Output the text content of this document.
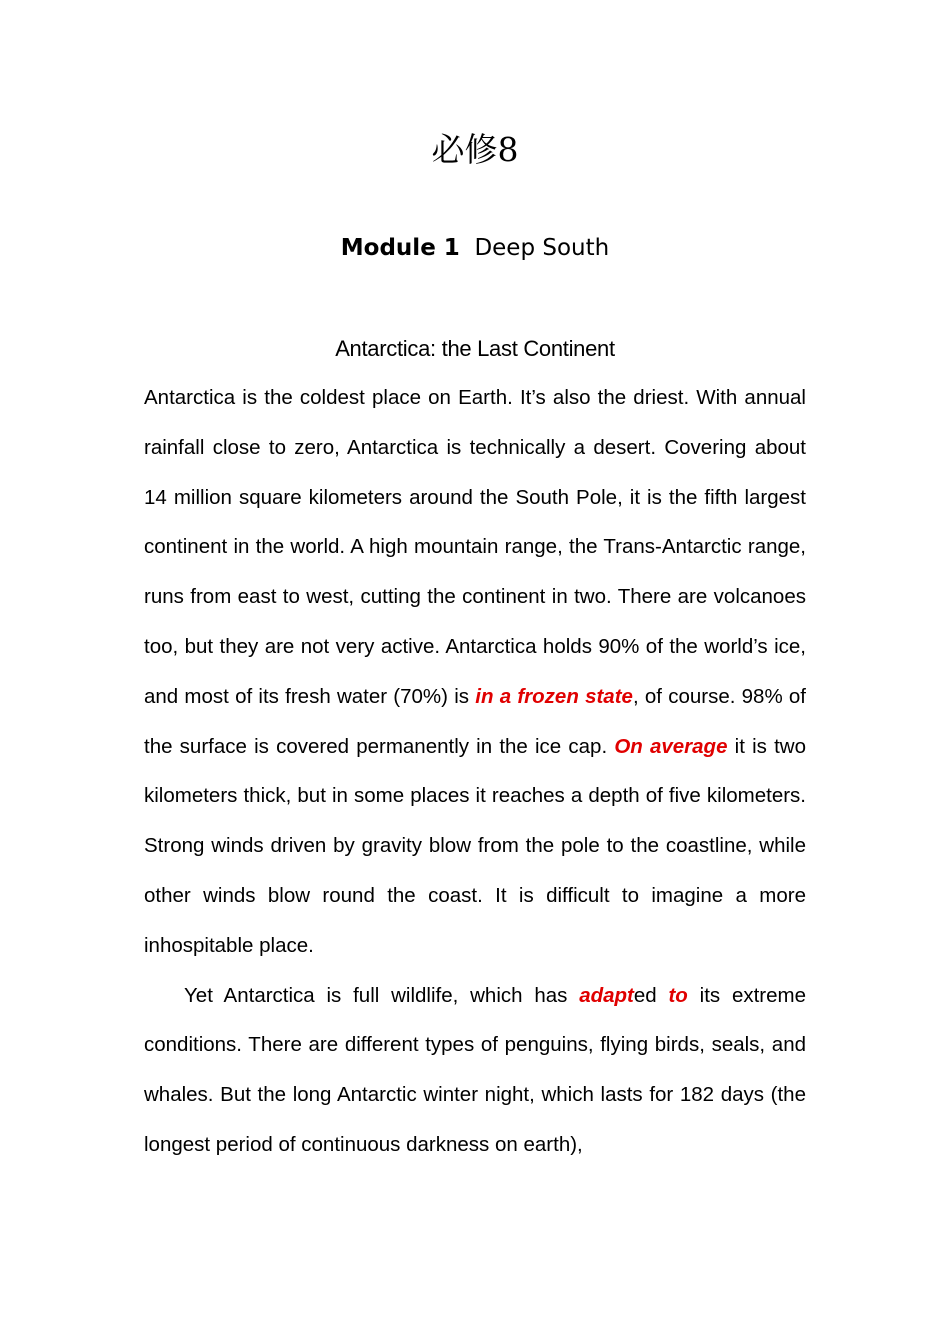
必修8
Module 1 Deep South
Antarctica: the Last Continent

Antarctica is the coldest place on Earth. It’s also the driest. With annual rainfall close to zero, Antarctica is technically a desert. Covering about 14 million square kilometers around the South Pole, it is the fifth largest continent in the world. A high mountain range, the Trans-Antarctic range, runs from east to west, cutting the continent in two. There are volcanoes too, but they are not very active. Antarctica holds 90% of the world’s ice, and most of its fresh water (70%) is in a frozen state, of course. 98% of the surface is covered permanently in the ice cap. On average it is two kilometers thick, but in some places it reaches a depth of five kilometers. Strong winds driven by gravity blow from the pole to the coastline, while other winds blow round the coast. It is difficult to imagine a more inhospitable place.

Yet Antarctica is full wildlife, which has adapted to its extreme conditions. There are different types of penguins, flying birds, seals, and whales. But the long Antarctic winter night, which lasts for 182 days (the longest period of continuous darkness on earth),
